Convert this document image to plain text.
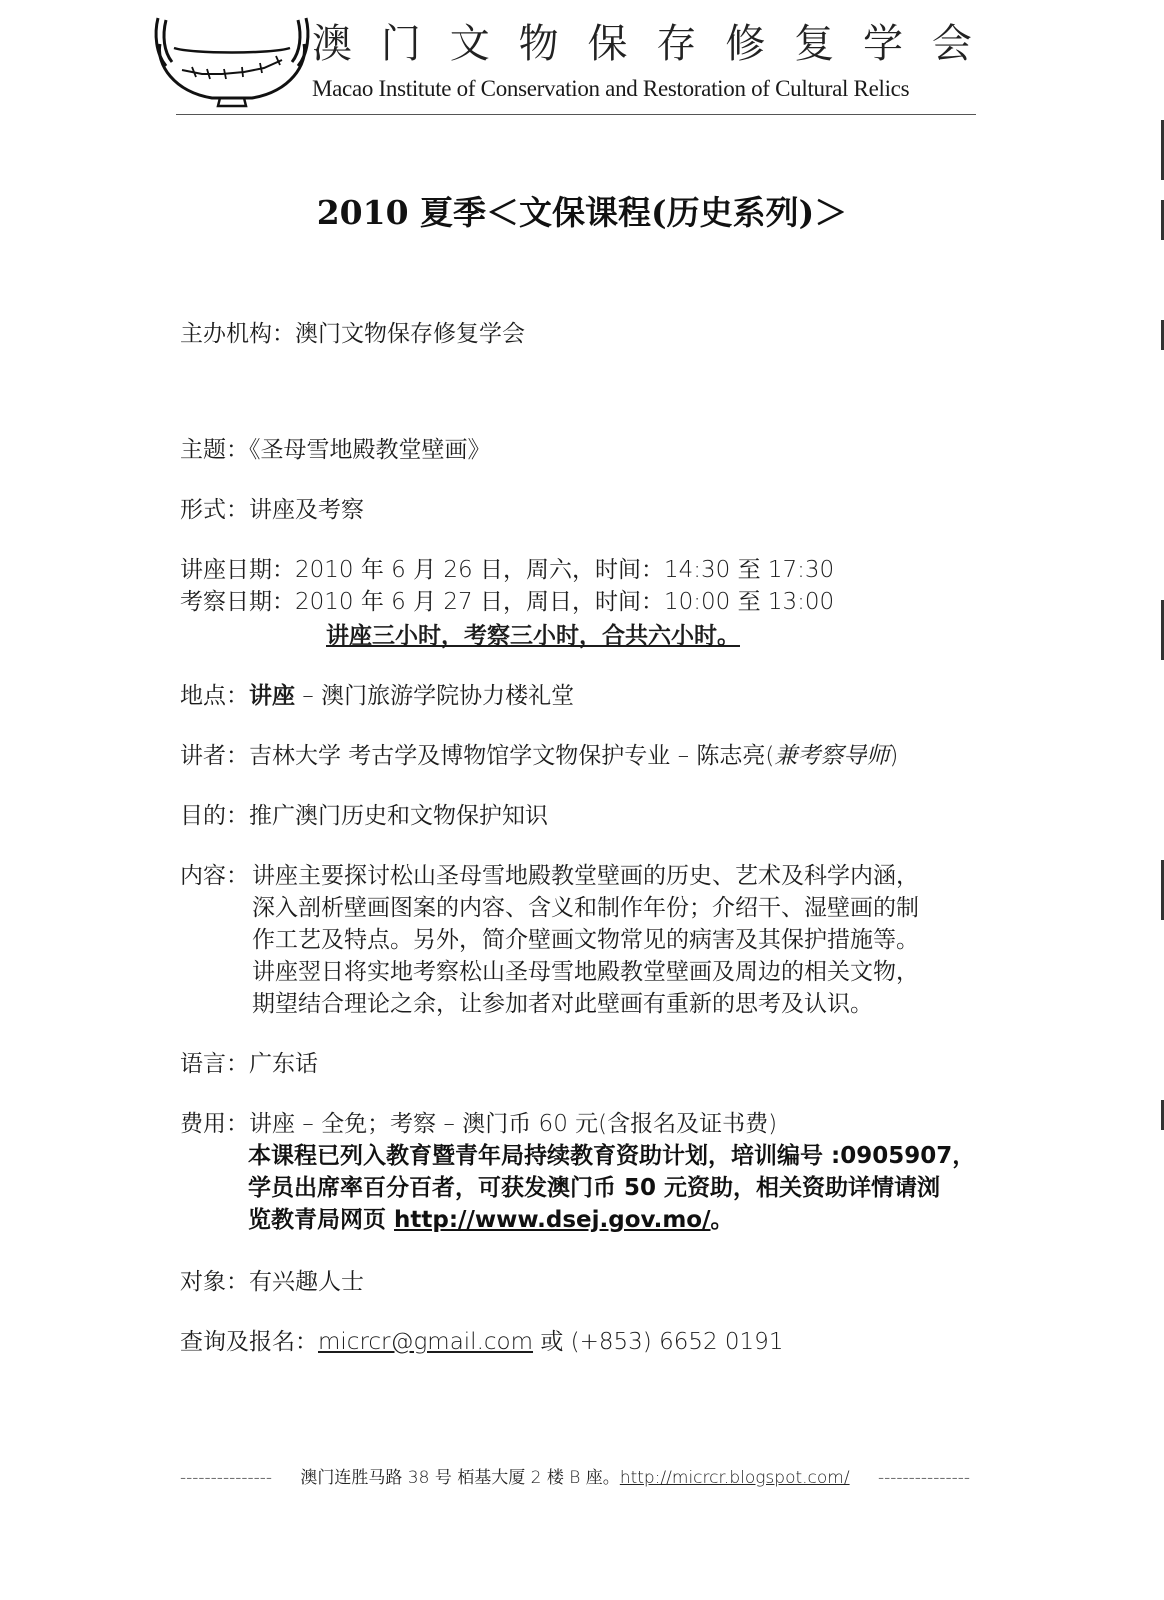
澳 门 文 物 保 存 修 复 学 会
Macao Institute of Conservation and Restoration of Cultural Relics
2010 夏季＜文保课程(历史系列)＞
主办机构：澳门文物保存修复学会
主题：《圣母雪地殿教堂壁画》
形式：讲座及考察
讲座日期：2010 年 6 月 26 日，周六，时间：14:30 至 17:30
考察日期：2010 年 6 月 27 日，周日，时间：10:00 至 13:00
讲座三小时，考察三小时，合共六小时。
地点：讲座 – 澳门旅游学院协力楼礼堂
讲者：吉林大学 考古学及博物馆学文物保护专业 – 陈志亮(兼考察导师)
目的：推广澳门历史和文物保护知识
内容： 讲座主要探讨松山圣母雪地殿教堂壁画的历史、艺术及科学内涵，
深入剖析壁画图案的内容、含义和制作年份；介绍干、湿壁画的制
作工艺及特点。另外，简介壁画文物常见的病害及其保护措施等。
讲座翌日将实地考察松山圣母雪地殿教堂壁画及周边的相关文物，
期望结合理论之余，让参加者对此壁画有重新的思考及认识。
语言：广东话
费用：讲座 – 全免；考察 – 澳门币 60 元(含报名及证书费)
本课程已列入教育暨青年局持续教育资助计划，培训编号 :0905907，
学员出席率百分百者，可获发澳门币 50 元资助，相关资助详情请浏
览教青局网页 http://www.dsej.gov.mo/。
对象：有兴趣人士
查询及报名：micrcr@gmail.com 或 (+853) 6652 0191
--------------- 澳门连胜马路 38 号 栢基大厦 2 楼 B 座。http://micrcr.blogspot.com/ ---------------
